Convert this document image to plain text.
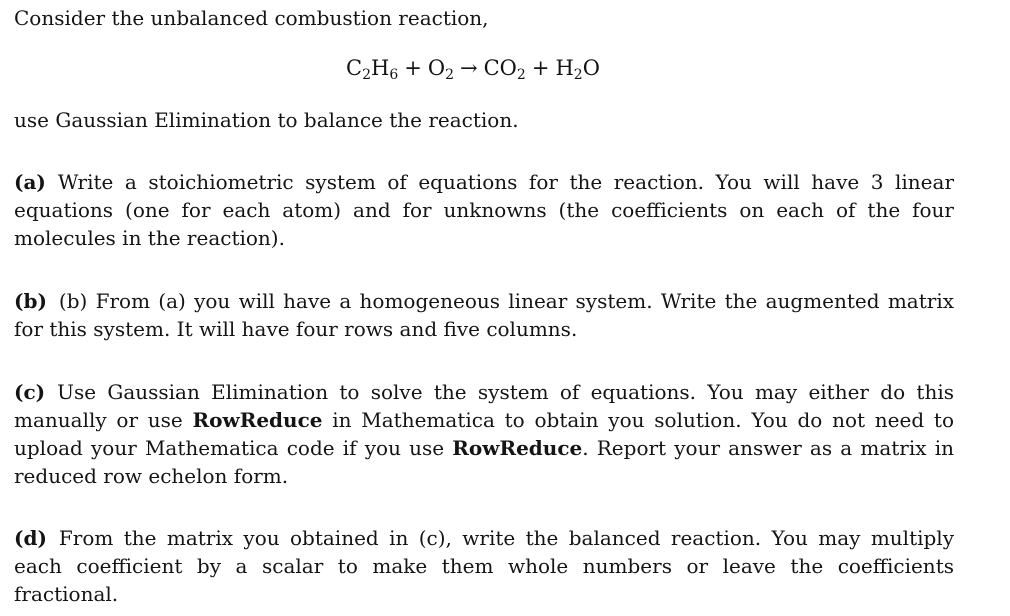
Consider the unbalanced combustion reaction,
$C_2H_6 + O_2 \to CO_2 + H_2O$
use Gaussian Elimination to balance the reaction.
(a) Write a stoichiometric system of equations for the reaction. You will have 3 linear equations (one for each atom) and for unknowns (the coefficients on each of the four molecules in the reaction).
(b) (b) From (a) you will have a homogeneous linear system. Write the augmented matrix for this system. It will have four rows and five columns.
(c) Use Gaussian Elimination to solve the system of equations. You may either do this manually or use RowReduce in Mathematica to obtain you solution. You do not need to upload your Mathematica code if you use RowReduce. Report your answer as a matrix in reduced row echelon form.
(d) From the matrix you obtained in (c), write the balanced reaction. You may multiply each coefficient by a scalar to make them whole numbers or leave the coefficients fractional.
